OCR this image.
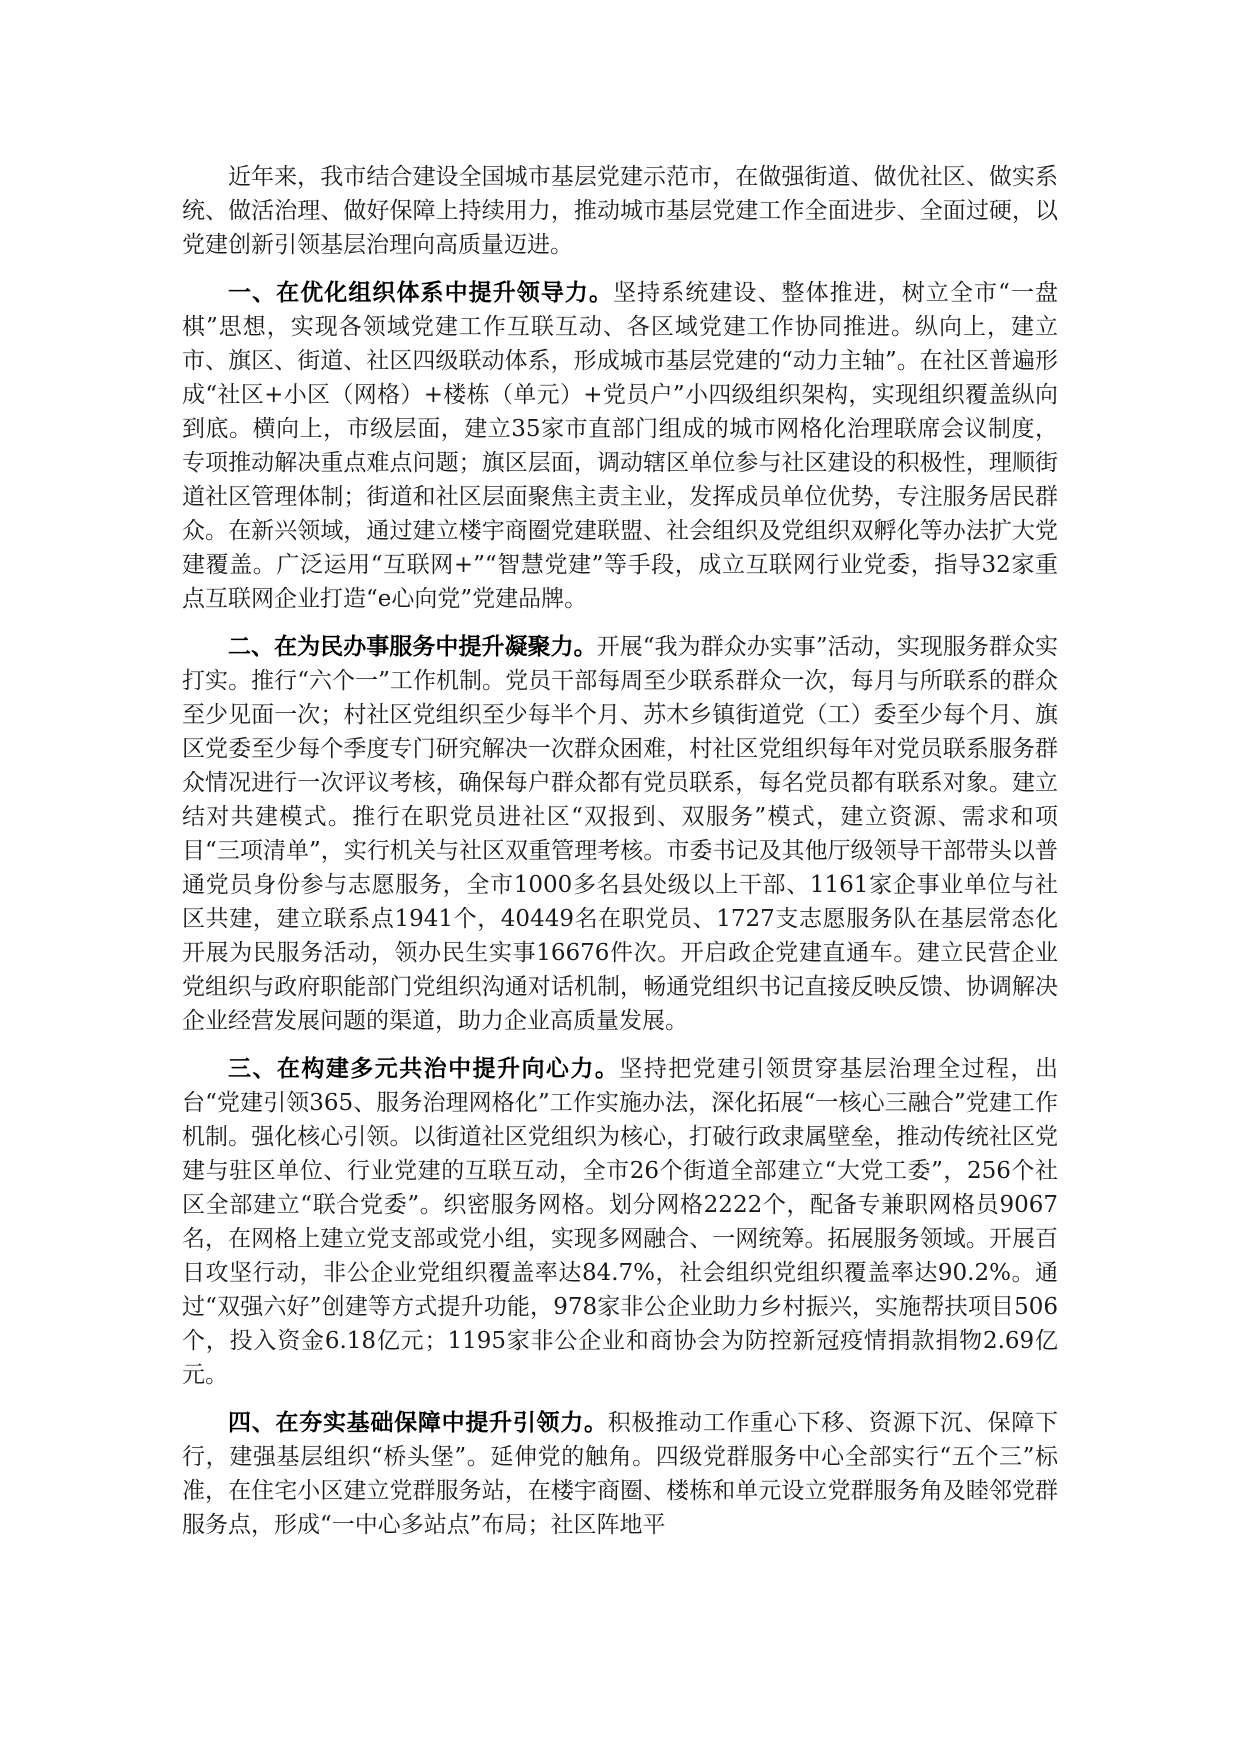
近年来，我市结合建设全国城市基层党建示范市，在做强街道、做优社区、做实系统、做活治理、做好保障上持续用力，推动城市基层党建工作全面进步、全面过硬，以党建创新引领基层治理向高质量迈进。

一、在优化组织体系中提升领导力。坚持系统建设、整体推进，树立全市“一盘棋”思想，实现各领域党建工作互联互动、各区域党建工作协同推进。纵向上，建立市、旗区、街道、社区四级联动体系，形成城市基层党建的“动力主轴”。在社区普遍形成“社区+小区（网格）+楼栋（单元）+党员户”小四级组织架构，实现组织覆盖纵向到底。横向上，市级层面，建立35家市直部门组成的城市网格化治理联席会议制度，专项推动解决重点难点问题；旗区层面，调动辖区单位参与社区建设的积极性，理顺街道社区管理体制；街道和社区层面聚焦主责主业，发挥成员单位优势，专注服务居民群众。在新兴领域，通过建立楼宇商圈党建联盟、社会组织及党组织双孵化等办法扩大党建覆盖。广泛运用“互联网+”“智慧党建”等手段，成立互联网行业党委，指导32家重点互联网企业打造“e心向党”党建品牌。

二、在为民办事服务中提升凝聚力。开展“我为群众办实事”活动，实现服务群众实打实。推行“六个一”工作机制。党员干部每周至少联系群众一次，每月与所联系的群众至少见面一次；村社区党组织至少每半个月、苏木乡镇街道党（工）委至少每个月、旗区党委至少每个季度专门研究解决一次群众困难，村社区党组织每年对党员联系服务群众情况进行一次评议考核，确保每户群众都有党员联系，每名党员都有联系对象。建立结对共建模式。推行在职党员进社区“双报到、双服务”模式，建立资源、需求和项目“三项清单”，实行机关与社区双重管理考核。市委书记及其他厅级领导干部带头以普通党员身份参与志愿服务，全市1000多名县处级以上干部、1161家企事业单位与社区共建，建立联系点1941个，40449名在职党员、1727支志愿服务队在基层常态化开展为民服务活动，领办民生实事16676件次。开启政企党建直通车。建立民营企业党组织与政府职能部门党组织沟通对话机制，畅通党组织书记直接反映反馈、协调解决企业经营发展问题的渠道，助力企业高质量发展。

三、在构建多元共治中提升向心力。坚持把党建引领贯穿基层治理全过程，出台“党建引领365、服务治理网格化”工作实施办法，深化拓展“一核心三融合”党建工作机制。强化核心引领。以街道社区党组织为核心，打破行政隶属壁垒，推动传统社区党建与驻区单位、行业党建的互联互动，全市26个街道全部建立“大党工委”，256个社区全部建立“联合党委”。织密服务网格。划分网格2222个，配备专兼职网格员9067名，在网格上建立党支部或党小组，实现多网融合、一网统筹。拓展服务领域。开展百日攻坚行动，非公企业党组织覆盖率达84.7%，社会组织党组织覆盖率达90.2%。通过“双强六好”创建等方式提升功能，978家非公企业助力乡村振兴，实施帮扶项目506个，投入资金6.18亿元；1195家非公企业和商协会为防控新冠疫情捐款捐物2.69亿元。

四、在夯实基础保障中提升引领力。积极推动工作重心下移、资源下沉、保障下行，建强基层组织“桥头堡”。延伸党的触角。四级党群服务中心全部实行“五个三”标准，在住宅小区建立党群服务站，在楼宇商圈、楼栋和单元设立党群服务角及睦邻党群服务点，形成“一中心多站点”布局；社区阵地平
